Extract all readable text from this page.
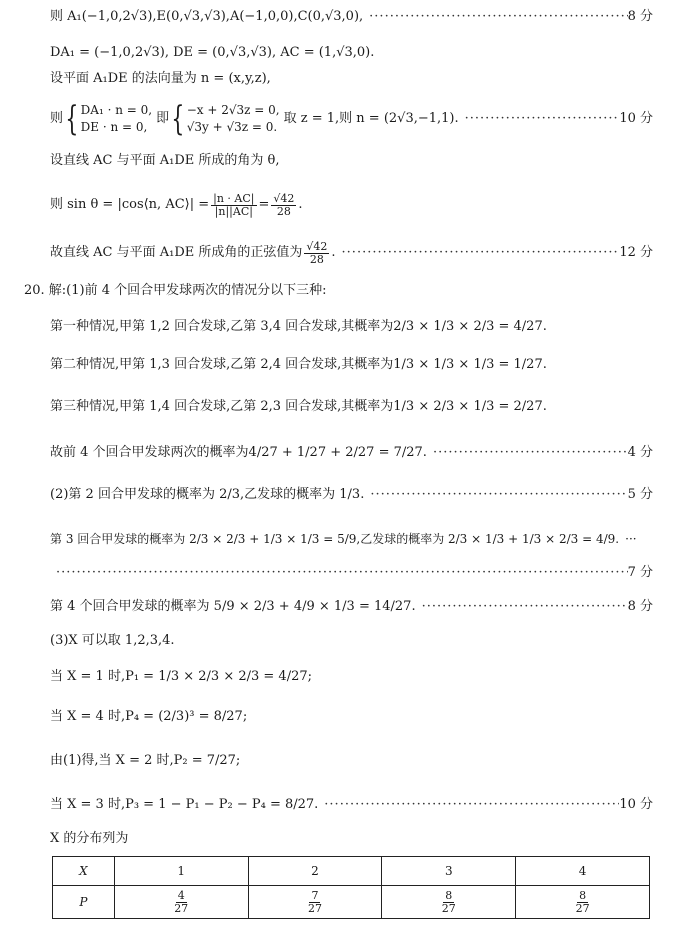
则 A₁(−1,0,2√3),E(0,√3,√3),A(−1,0,0),C(0,√3,0), ·····	8 分
DA₁ = (−1,0,2√3), DE = (0,√3,√3), AC = (1,√3,0).
设平面 A₁DE 的法向量为 n = (x,y,z),
则 { DA₁ · n = 0,
DE · n = 0,
即 { −x + 2√3z = 0,
√3y + √3z = 0.
取 z = 1,则 n = (2√3,−1,1). ·····	10 分
设直线 AC 与平面 A₁DE 所成的角为 θ,
则 sin θ = |cos⟨n, AC⟩| = $\frac{|n \cdot AC|}{|n||AC|} = \frac{√42}{28}$ .
故直线 AC 与平面 A₁DE 所成角的正弦值为 $\frac{√42}{28}$ . ·····	12 分
20. 解:(1)前 4 个回合甲发球两次的情况分以下三种:
第一种情况,甲第 1,2 回合发球,乙第 3,4 回合发球,其概率为 2/3 × 1/3 × 2/3 = 4/27.
第二种情况,甲第 1,3 回合发球,乙第 2,4 回合发球,其概率为 1/3 × 1/3 × 1/3 = 1/27.
第三种情况,甲第 1,4 回合发球,乙第 2,3 回合发球,其概率为 1/3 × 2/3 × 1/3 = 2/27.
故前 4 个回合甲发球两次的概率为 4/27 + 1/27 + 2/27 = 7/27. ·····	4 分
(2)第 2 回合甲发球的概率为 2/3,乙发球的概率为 1/3. ·····	5 分
第 3 回合甲发球的概率为 2/3 × 2/3 + 1/3 × 1/3 = 5/9,乙发球的概率为 2/3 × 1/3 + 1/3 × 2/3 = 4/9. ···
·····
7 分
第 4 个回合甲发球的概率为 5/9 × 2/3 + 4/9 × 1/3 = 14/27. ·····	8 分
(3)X 可以取 1,2,3,4.
当 X = 1 时,P₁ = 1/3 × 2/3 × 2/3 = 4/27;
当 X = 4 时,P₄ = (2/3)³ = 8/27;
由(1)得,当 X = 2 时,P₂ = 7/27;
当 X = 3 时,P₃ = 1 − P₁ − P₂ − P₄ = 8/27. ·····	10 分
X 的分布列为
X	1	2	3	4
P	$\frac{4}{27}$	$\frac{7}{27}$	$\frac{8}{27}$	$\frac{8}{27}$
